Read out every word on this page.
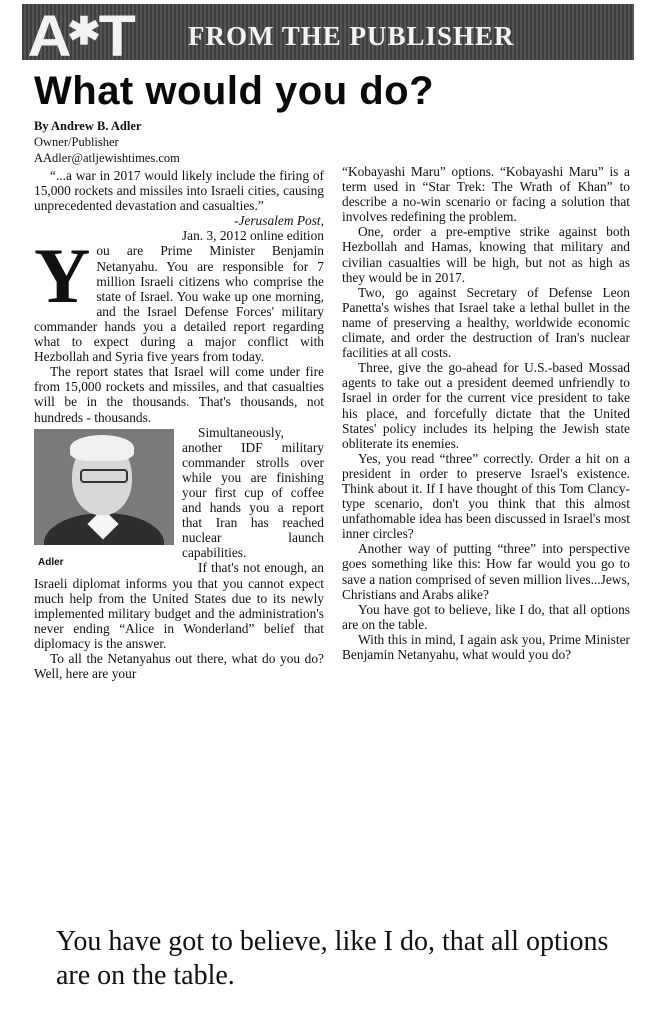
A✱T FROM THE PUBLISHER
What would you do?
By Andrew B. Adler
Owner/Publisher
AAdler@atljewishtimes.com

“...a war in 2017 would likely include the firing of 15,000 rockets and missiles into Israeli cities, causing unprecedented devastation and casualties.”

-Jerusalem Post,

Jan. 3, 2012 online edition

You are Prime Minister Benjamin Netanyahu. You are responsible for 7 million Israeli citizens who comprise the state of Israel. You wake up one morning, and the Israel Defense Forces' military commander hands you a detailed report regarding what to expect during a major conflict with Hezbollah and Syria five years from today.

The report states that Israel will come under fire from 15,000 rockets and missiles, and that casualties will be in the thousands. That's thousands, not hundreds - thousands.

Adler

Simultaneously, another IDF military commander strolls over while you are finishing your first cup of coffee and hands you a report that Iran has reached nuclear launch capabilities.

If that's not enough, an Israeli diplomat informs you that you cannot expect much help from the United States due to its newly implemented military budget and the administration's never ending “Alice in Wonderland” belief that diplomacy is the answer.

To all the Netanyahus out there, what do you do? Well, here are your

“Kobayashi Maru” options. “Kobayashi Maru” is a term used in “Star Trek: The Wrath of Khan” to describe a no-win scenario or facing a solution that involves redefining the problem.

One, order a pre-emptive strike against both Hezbollah and Hamas, knowing that military and civilian casualties will be high, but not as high as they would be in 2017.

Two, go against Secretary of Defense Leon Panetta's wishes that Israel take a lethal bullet in the name of preserving a healthy, worldwide economic climate, and order the destruction of Iran's nuclear facilities at all costs.

Three, give the go-ahead for U.S.-based Mossad agents to take out a president deemed unfriendly to Israel in order for the current vice president to take his place, and forcefully dictate that the United States' policy includes its helping the Jewish state obliterate its enemies.

Yes, you read “three” correctly. Order a hit on a president in order to preserve Israel's existence. Think about it. If I have thought of this Tom Clancy-type scenario, don't you think that this almost unfathomable idea has been discussed in Israel's most inner circles?

Another way of putting “three” into perspective goes something like this: How far would you go to save a nation comprised of seven million lives...Jews, Christians and Arabs alike?

You have got to believe, like I do, that all options are on the table.

With this in mind, I again ask you, Prime Minister Benjamin Netanyahu, what would you do?

You have got to believe, like I do, that all options are on the table.
